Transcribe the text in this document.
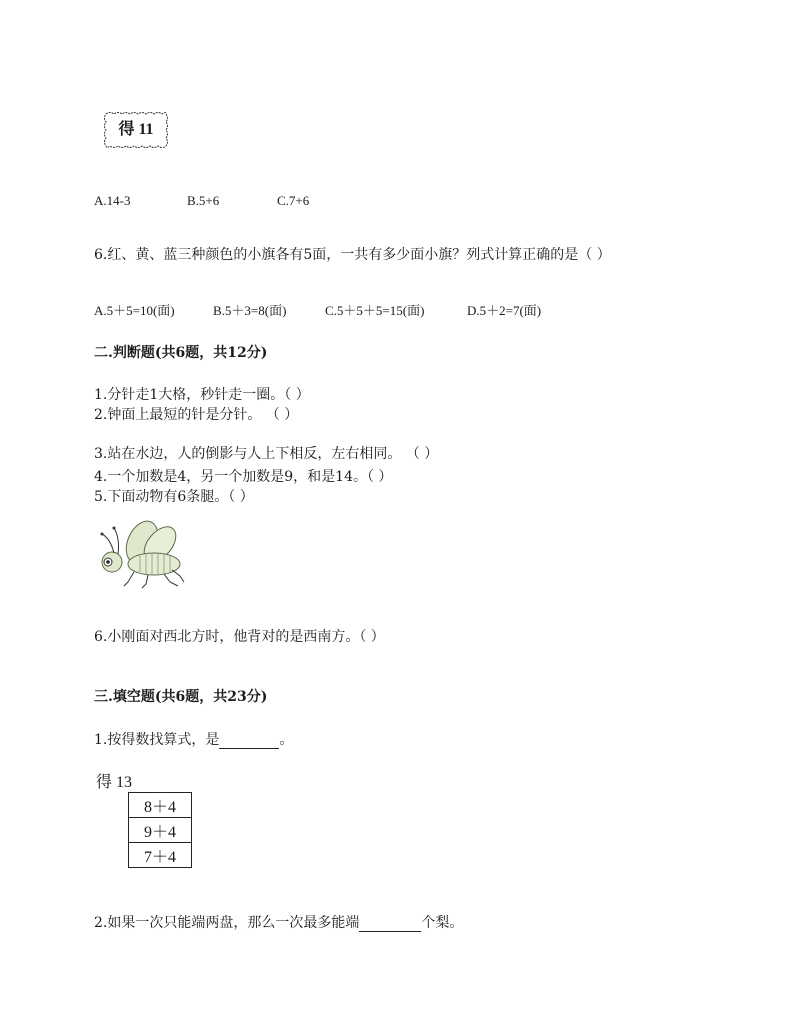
得 11
A.14-3	B.5+6	C.7+6
6.红、黄、蓝三种颜色的小旗各有5面，一共有多少面小旗？列式计算正确的是（ ）
A.5＋5=10(面)	B.5＋3=8(面)	C.5＋5＋5=15(面)	D.5＋2=7(面)
二.判断题(共6题，共12分)
1.分针走1大格，秒针走一圈。（ ）
2.钟面上最短的针是分针。 （ ）
3.站在水边，人的倒影与人上下相反，左右相同。 （ ）
4.一个加数是4，另一个加数是9，和是14。（ ）
5.下面动物有6条腿。（ ）
6.小刚面对西北方时，他背对的是西南方。（ ）
三.填空题(共6题，共23分)
1.按得数找算式，是	。
得 13
8＋4
9＋4
7＋4
2.如果一次只能端两盘，那么一次最多能端	个梨。
